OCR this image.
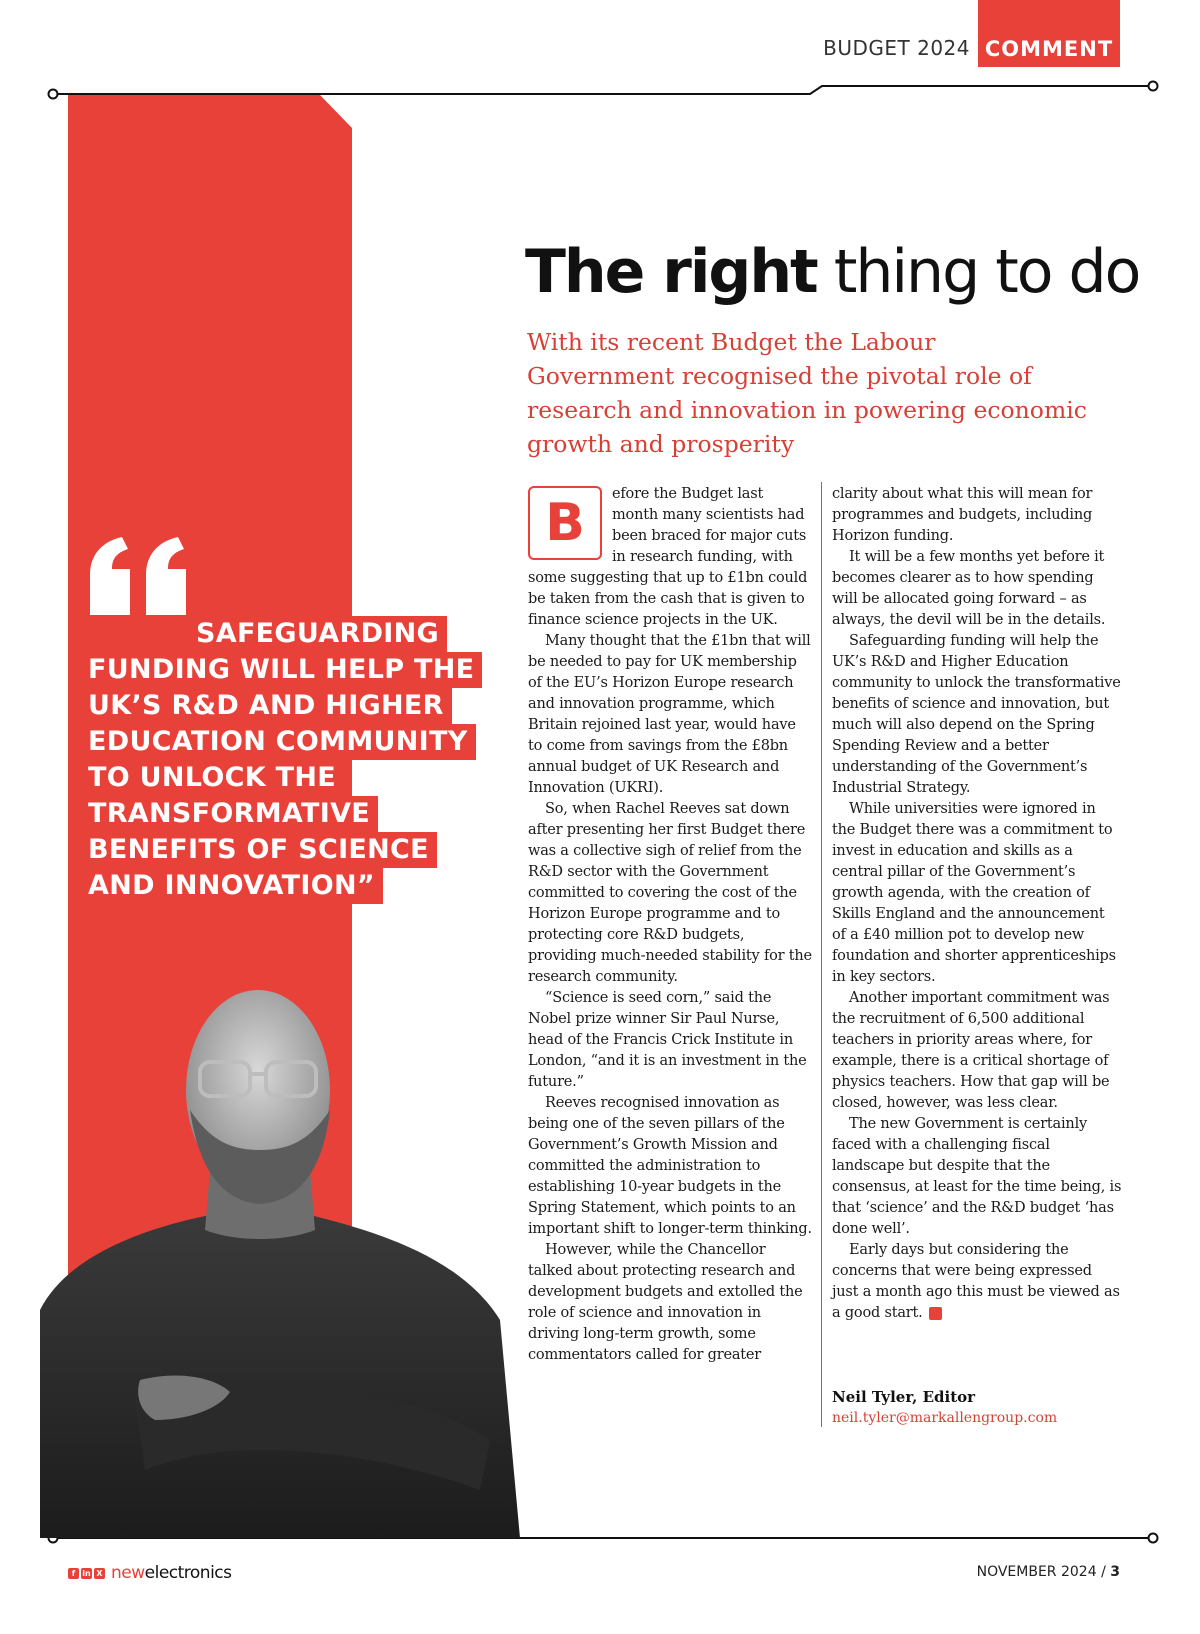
BUDGET 2024 COMMENT
SAFEGUARDING
FUNDING WILL HELP THE
UK’S R&D AND HIGHER
EDUCATION COMMUNITY
TO UNLOCK THE
TRANSFORMATIVE
BENEFITS OF SCIENCE
AND INNOVATION”
The right thing to do
With its recent Budget the Labour Government recognised the pivotal role of research and innovation in powering economic growth and prosperity
B	efore the Budget last month many scientists had been braced for major cuts in research funding, with some suggesting that up to £1bn could be taken from the cash that is given to finance science projects in the UK.

Many thought that the £1bn that will be needed to pay for UK membership of the EU’s Horizon Europe research and innovation programme, which Britain rejoined last year, would have to come from savings from the £8bn annual budget of UK Research and Innovation (UKRI).

So, when Rachel Reeves sat down after presenting her first Budget there was a collective sigh of relief from the R&D sector with the Government committed to covering the cost of the Horizon Europe programme and to protecting core R&D budgets, providing much-needed stability for the research community.

“Science is seed corn,” said the Nobel prize winner Sir Paul Nurse, head of the Francis Crick Institute in London, “and it is an investment in the future.”

Reeves recognised innovation as being one of the seven pillars of the Government’s Growth Mission and committed the administration to establishing 10-year budgets in the Spring Statement, which points to an important shift to longer-term thinking.

However, while the Chancellor talked about protecting research and development budgets and extolled the role of science and innovation in driving long-term growth, some commentators called for greater

clarity about what this will mean for programmes and budgets, including Horizon funding.

It will be a few months yet before it becomes clearer as to how spending will be allocated going forward – as always, the devil will be in the details.

Safeguarding funding will help the UK’s R&D and Higher Education community to unlock the transformative benefits of science and innovation, but much will also depend on the Spring Spending Review and a better understanding of the Government’s Industrial Strategy.

While universities were ignored in the Budget there was a commitment to invest in education and skills as a central pillar of the Government’s growth agenda, with the creation of Skills England and the announcement of a £40 million pot to develop new foundation and shorter apprenticeships in key sectors.

Another important commitment was the recruitment of 6,500 additional teachers in priority areas where, for example, there is a critical shortage of physics teachers. How that gap will be closed, however, was less clear.

The new Government is certainly faced with a challenging fiscal landscape but despite that the consensus, at least for the time being, is that ‘science’ and the R&D budget ‘has done well’.

Early days but considering the concerns that were being expressed just a month ago this must be viewed as a good start.	NE

Neil Tyler, Editor
neil.tyler@markallengroup.com
f in X new electronics	NOVEMBER 2024 / 3
